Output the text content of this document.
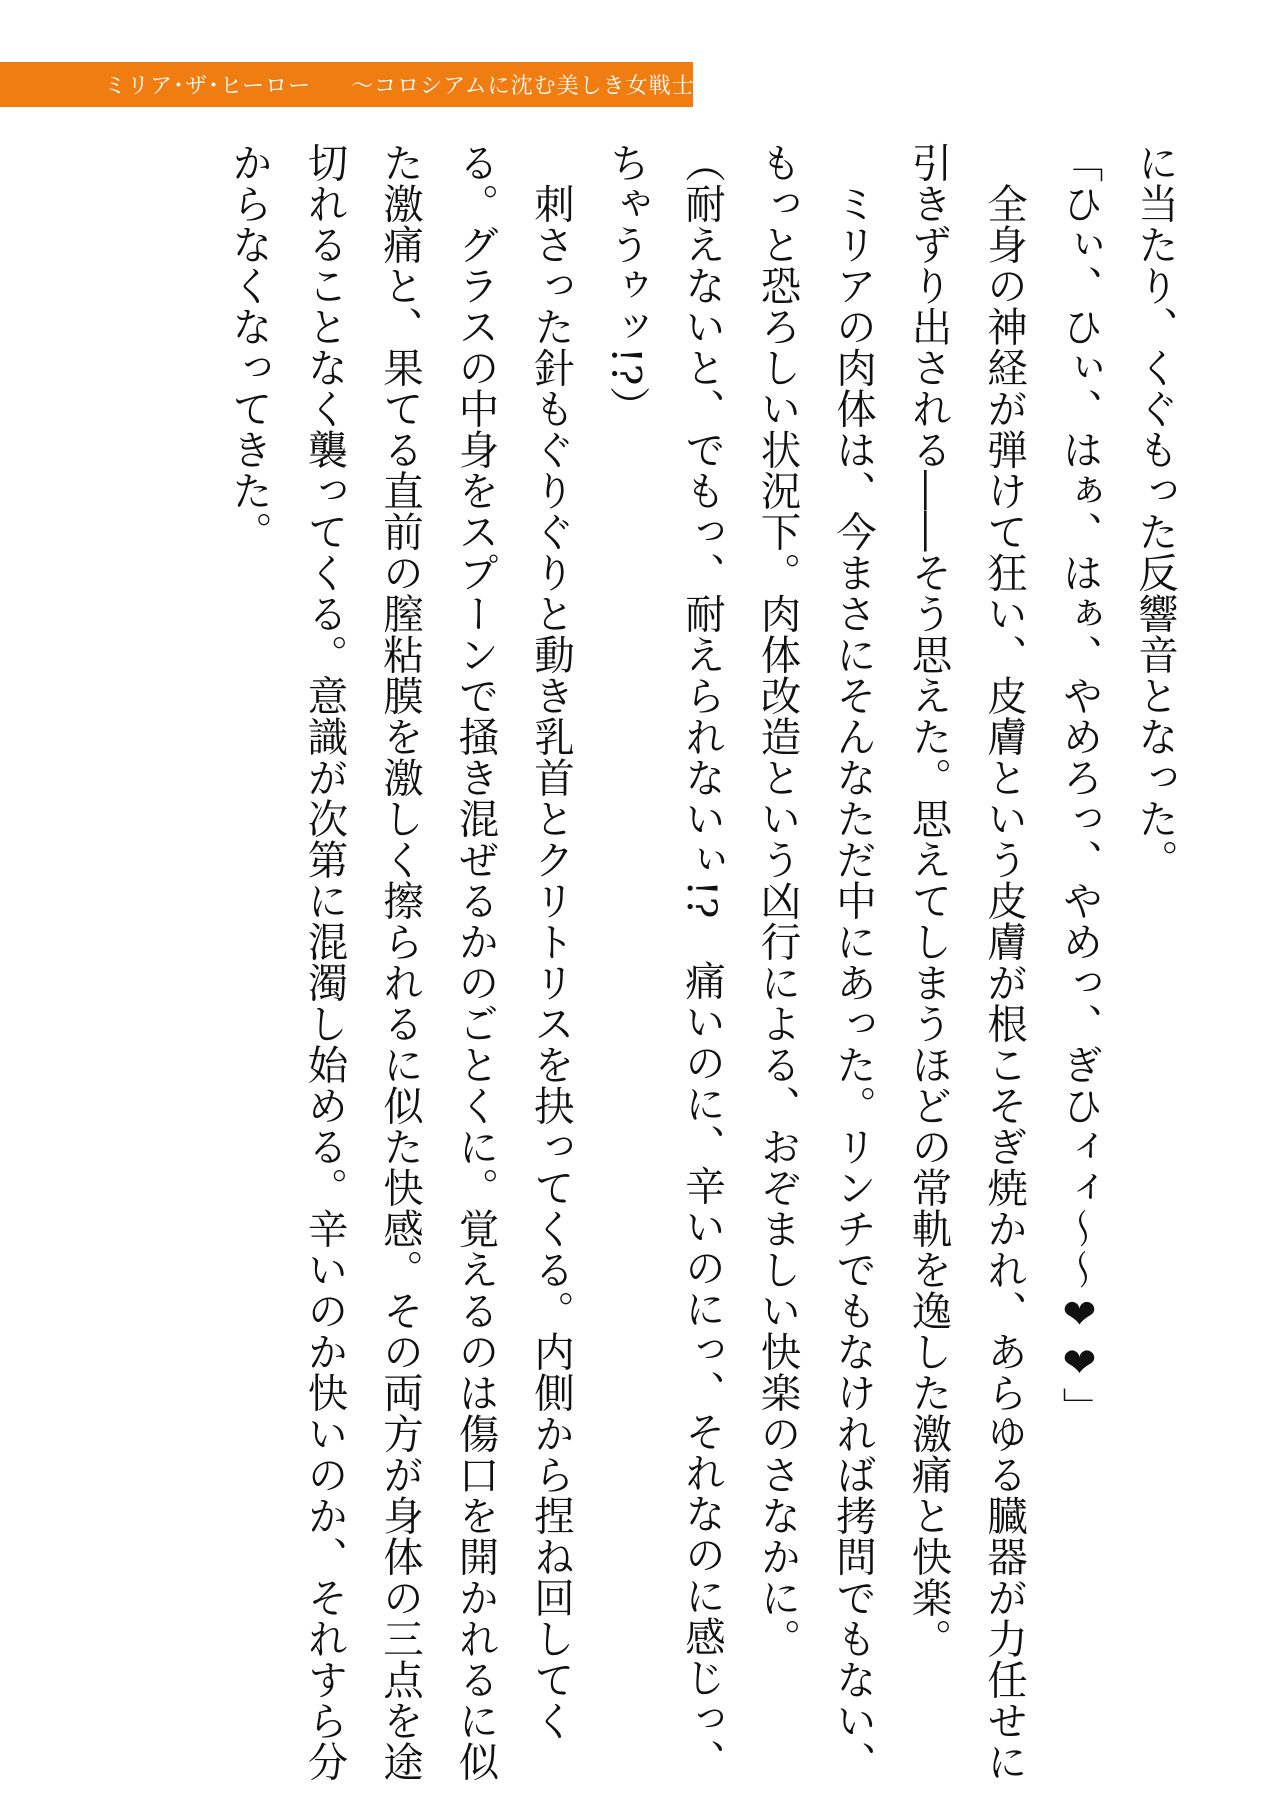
ミリア･ザ･ヒーロー 〜コロシアムに沈む美しき女戦士たち〜

に当たり、くぐもった反響音となった。

「ひぃ、ひぃ、はぁ、はぁ、やめろっ、やめっ、ぎひィィ〜〜❤❤」

　全身の神経が弾けて狂い、皮膚という皮膚が根こそぎ焼かれ、あらゆる臓器が力任せに引きずり出される――そう思えた。思えてしまうほどの常軌を逸した激痛と快楽。

　ミリアの肉体は、今まさにそんなただ中にあった。リンチでもなければ拷問でもない、もっと恐ろしい状況下。肉体改造という凶行による、おぞましい快楽のさなかに。

（耐えないと、でもっ、耐えられないぃ!?　痛いのに、辛いのにっ、それなのに感じっ、ちゃうゥッ!?）

　刺さった針もぐりぐりと動き乳首とクリトリスを抉ってくる。内側から捏ね回してくる。グラスの中身をスプーンで掻き混ぜるかのごとくに。覚えるのは傷口を開かれるに似た激痛と、果てる直前の膣粘膜を激しく擦られるに似た快感。その両方が身体の三点を途切れることなく襲ってくる。意識が次第に混濁し始める。辛いのか快いのか、それすら分からなくなってきた。
